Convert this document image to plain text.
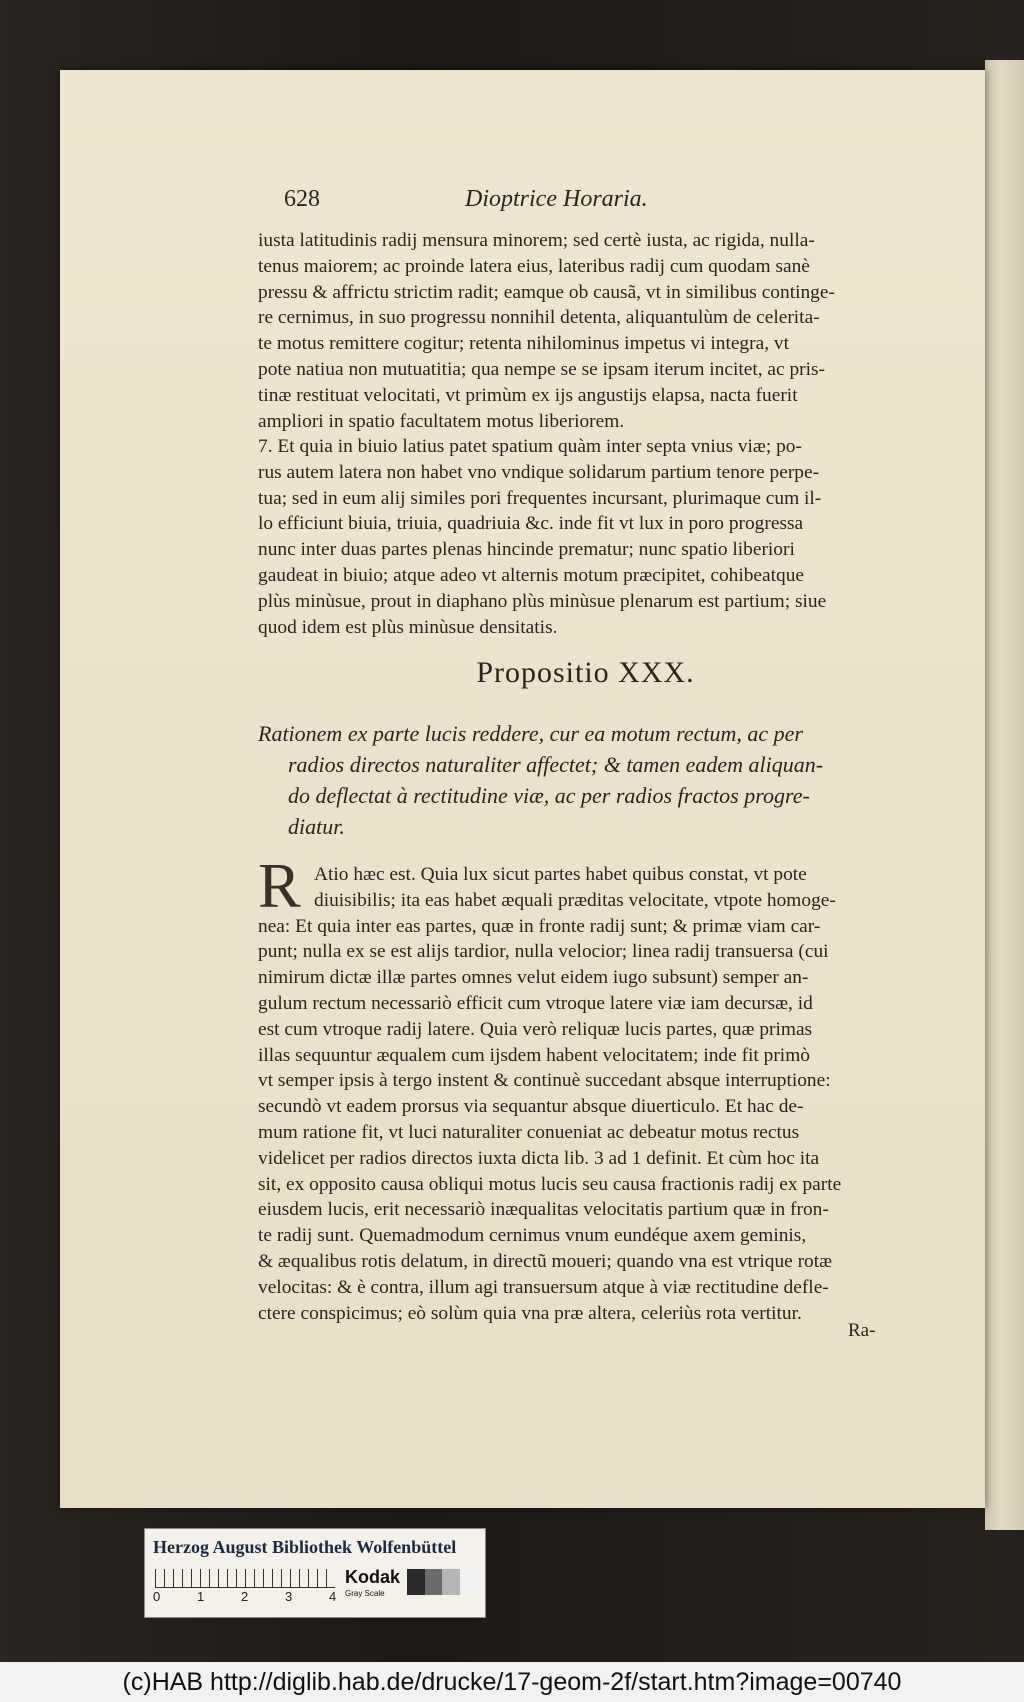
628	Dioptrice Horaria.

iusta latitudinis radij mensura minorem; sed certè iusta, ac rigida, nulla-

tenus maiorem; ac proinde latera eius, lateribus radij cum quodam sanè

pressu & affrictu strictim radit; eamque ob causã, vt in similibus continge-

re cernimus, in suo progressu nonnihil detenta, aliquantulùm de celerita-

te motus remittere cogitur; retenta nihilominus impetus vi integra, vt

pote natiua non mutuatitia; qua nempe se se ipsam iterum incitet, ac pris-

tinæ restituat velocitati, vt primùm ex ijs angustijs elapsa, nacta fuerit

ampliori in spatio facultatem motus liberiorem.

7. Et quia in biuio latius patet spatium quàm inter septa vnius viæ; po-

rus autem latera non habet vno vndique solidarum partium tenore perpe-

tua; sed in eum alij similes pori frequentes incursant, plurimaque cum il-

lo efficiunt biuia, triuia, quadriuia &c. inde fit vt lux in poro progressa

nunc inter duas partes plenas hincinde prematur; nunc spatio liberiori

gaudeat in biuio; atque adeo vt alternis motum præcipitet, cohibeatque

plùs minùsue, prout in diaphano plùs minùsue plenarum est partium; siue

quod idem est plùs minùsue densitatis.

Propositio XXX.

Rationem ex parte lucis reddere, cur ea motum rectum, ac per

radios directos naturaliter affectet; & tamen eadem aliquan-

do deflectat à rectitudine viæ, ac per radios fractos progre-

diatur.

R Atio hæc est. Quia lux sicut partes habet quibus constat, vt pote

diuisibilis; ita eas habet æquali præditas velocitate, vtpote homoge-

nea: Et quia inter eas partes, quæ in fronte radij sunt; & primæ viam car-

punt; nulla ex se est alijs tardior, nulla velocior; linea radij transuersa (cui

nimirum dictæ illæ partes omnes velut eidem iugo subsunt) semper an-

gulum rectum necessariò efficit cum vtroque latere viæ iam decursæ, id

est cum vtroque radij latere. Quia verò reliquæ lucis partes, quæ primas

illas sequuntur æqualem cum ijsdem habent velocitatem; inde fit primò

vt semper ipsis à tergo instent & continuè succedant absque interruptione:

secundò vt eadem prorsus via sequantur absque diuerticulo. Et hac de-

mum ratione fit, vt luci naturaliter conueniat ac debeatur motus rectus

videlicet per radios directos iuxta dicta lib. 3 ad 1 definit. Et cùm hoc ita

sit, ex opposito causa obliqui motus lucis seu causa fractionis radij ex parte

eiusdem lucis, erit necessariò inæqualitas velocitatis partium quæ in fron-

te radij sunt. Quemadmodum cernimus vnum eundéque axem geminis,

& æqualibus rotis delatum, in directũ moueri; quando vna est vtrique rotæ

velocitas: & è contra, illum agi transuersum atque à viæ rectitudine defle-

ctere conspicimus; eò solùm quia vna præ altera, celeriùs rota vertitur.

Ra-
Herzog August Bibliothek Wolfenbüttel
0	1	2	3	4
Kodak
Gray Scale
(c)HAB http://diglib.hab.de/drucke/17-geom-2f/start.htm?image=00740
